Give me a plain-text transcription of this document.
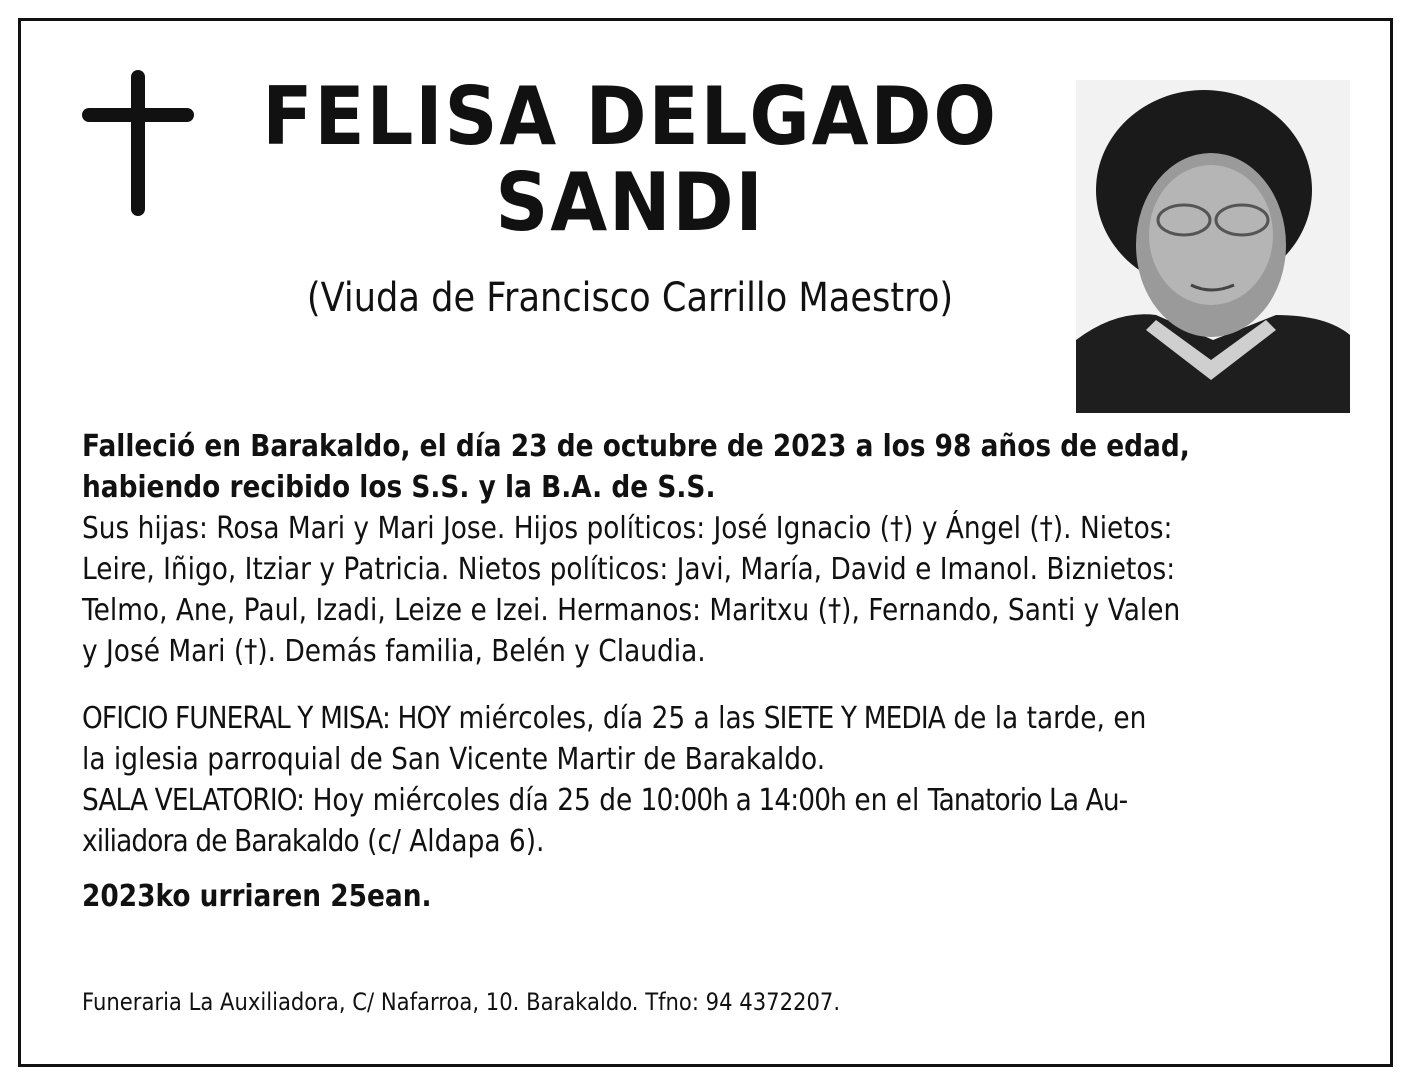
FELISA DELGADO
SANDI
(Viuda de Francisco Carrillo Maestro)
Falleció en Barakaldo, el día 23 de octubre de 2023 a los 98 años de edad,
habiendo recibido los S.S. y la B.A. de S.S.
Sus hijas: Rosa Mari y Mari Jose. Hijos políticos: José Ignacio (†) y Ángel (†). Nietos:
Leire, Iñigo, Itziar y Patricia. Nietos políticos: Javi, María, David e Imanol. Biznietos:
Telmo, Ane, Paul, Izadi, Leize e Izei. Hermanos: Maritxu (†), Fernando, Santi y Valen
y José Mari (†). Demás familia, Belén y Claudia.
OFICIO FUNERAL Y MISA: HOY miércoles, día 25 a las SIETE Y MEDIA de la tarde, en
la iglesia parroquial de San Vicente Martir de Barakaldo.
SALA VELATORIO: Hoy miércoles día 25 de 10:00h a 14:00h en el Tanatorio La Au-
xiliadora de Barakaldo (c/ Aldapa 6).
2023ko urriaren 25ean.
Funeraria La Auxiliadora, C/ Nafarroa, 10. Barakaldo. Tfno: 94 4372207.
